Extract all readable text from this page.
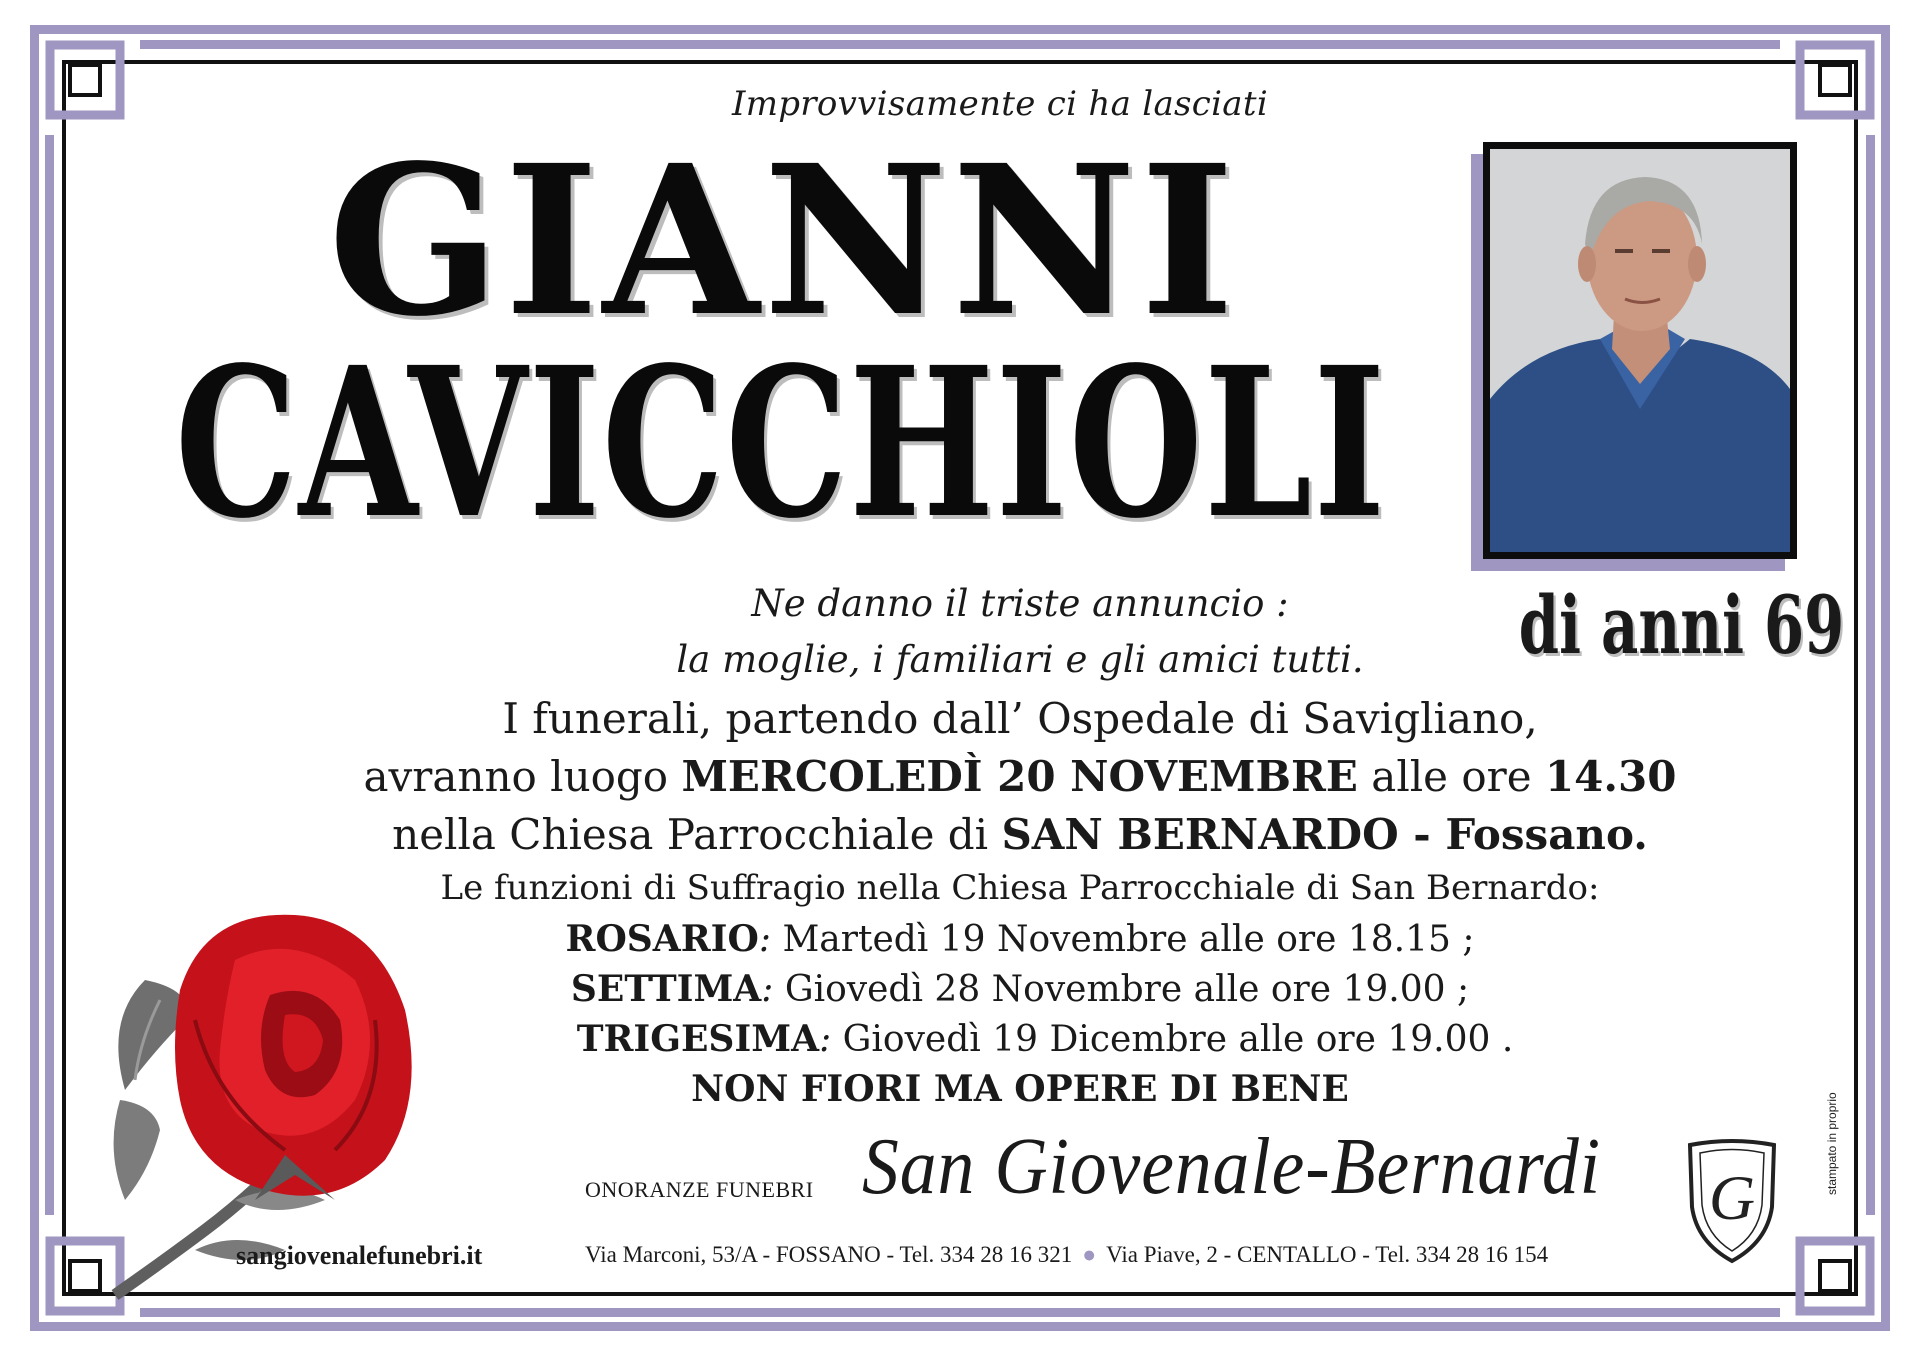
Improvvisamente ci ha lasciati
GIANNI
CAVICCHIOLI
di anni 69
Ne danno il triste annuncio :
la moglie, i familiari e gli amici tutti.
I funerali, partendo dall’ Ospedale di Savigliano,
avranno luogo MERCOLEDÌ 20 NOVEMBRE alle ore 14.30
nella Chiesa Parrocchiale di SAN BERNARDO - Fossano.
Le funzioni di Suffragio nella Chiesa Parrocchiale di San Bernardo:
ROSARIO: Martedì 19 Novembre alle ore 18.15 ;
SETTIMA: Giovedì 28 Novembre alle ore 19.00 ;
TRIGESIMA: Giovedì 19 Dicembre alle ore 19.00 .
NON FIORI MA OPERE DI BENE
ONORANZE FUNEBRI San Giovenale-Bernardi G
sangiovenalefunebri.it	Via Marconi, 53/A - FOSSANO - Tel. 334 28 16 321 ● Via Piave, 2 - CENTALLO - Tel. 334 28 16 154
stampato in proprio
